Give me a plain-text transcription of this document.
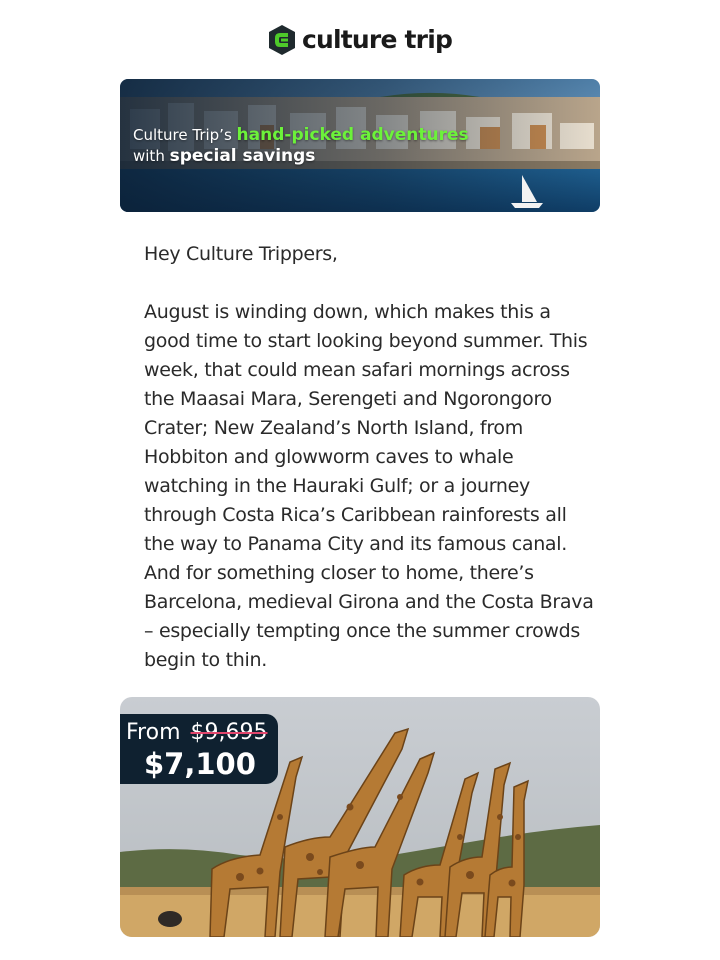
culture trip
Culture Trip’s hand-picked adventures
with special savings

Hey Culture Trippers,

August is winding down, which makes this a good time to start looking beyond summer. This week, that could mean safari mornings across the Maasai Mara, Serengeti and Ngorongoro Crater; New Zealand’s North Island, from Hobbiton and glowworm caves to whale watching in the Hauraki Gulf; or a journey through Costa Rica’s Caribbean rainforests all the way to Panama City and its famous canal. And for something closer to home, there’s Barcelona, medieval Girona and the Costa Brava – especially tempting once the summer crowds begin to thin.

From $9,695
$7,100
